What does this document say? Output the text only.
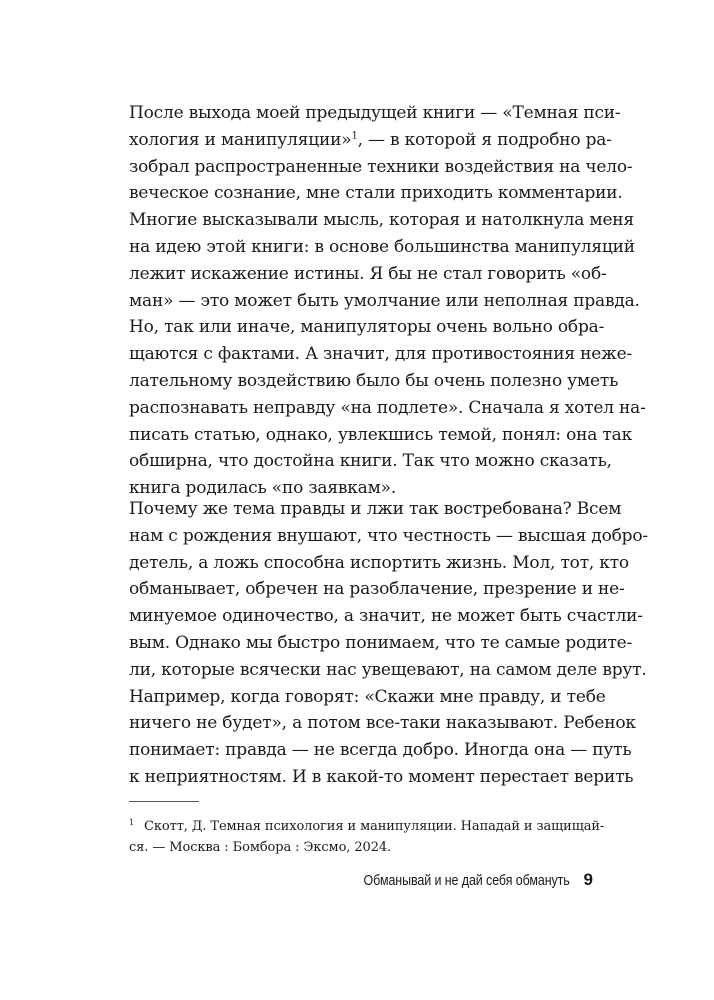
После выхода моей предыдущей книги — «Темная пси-
хология и манипуляции»$^1$, — в которой я подробно ра-
зобрал распространенные техники воздействия на чело-
веческое сознание, мне стали приходить комментарии.
Многие высказывали мысль, которая и натолкнула меня
на идею этой книги: в основе большинства манипуляций
лежит искажение истины. Я бы не стал говорить «об-
ман» — это может быть умолчание или неполная правда.
Но, так или иначе, манипуляторы очень вольно обра-
щаются с фактами. А значит, для противостояния неже-
лательному воздействию было бы очень полезно уметь
распознавать неправду «на подлете». Сначала я хотел на-
писать статью, однако, увлекшись темой, понял: она так
обширна, что достойна книги. Так что можно сказать,
книга родилась «по заявкам».
Почему же тема правды и лжи так востребована? Всем
нам с рождения внушают, что честность — высшая добро-
детель, а ложь способна испортить жизнь. Мол, тот, кто
обманывает, обречен на разоблачение, презрение и не-
минуемое одиночество, а значит, не может быть счастли-
вым. Однако мы быстро понимаем, что те самые родите-
ли, которые всячески нас увещевают, на самом деле врут.
Например, когда говорят: «Скажи мне правду, и тебе
ничего не будет», а потом все-таки наказывают. Ребенок
понимает: правда — не всегда добро. Иногда она — путь
к неприятностям. И в какой-то момент перестает верить
$^1$ Скотт, Д. Темная психология и манипуляции. Нападай и защищай-
ся. — Москва : Бомбора : Эксмо, 2024.
Обманывай и не дай себя обмануть 9
